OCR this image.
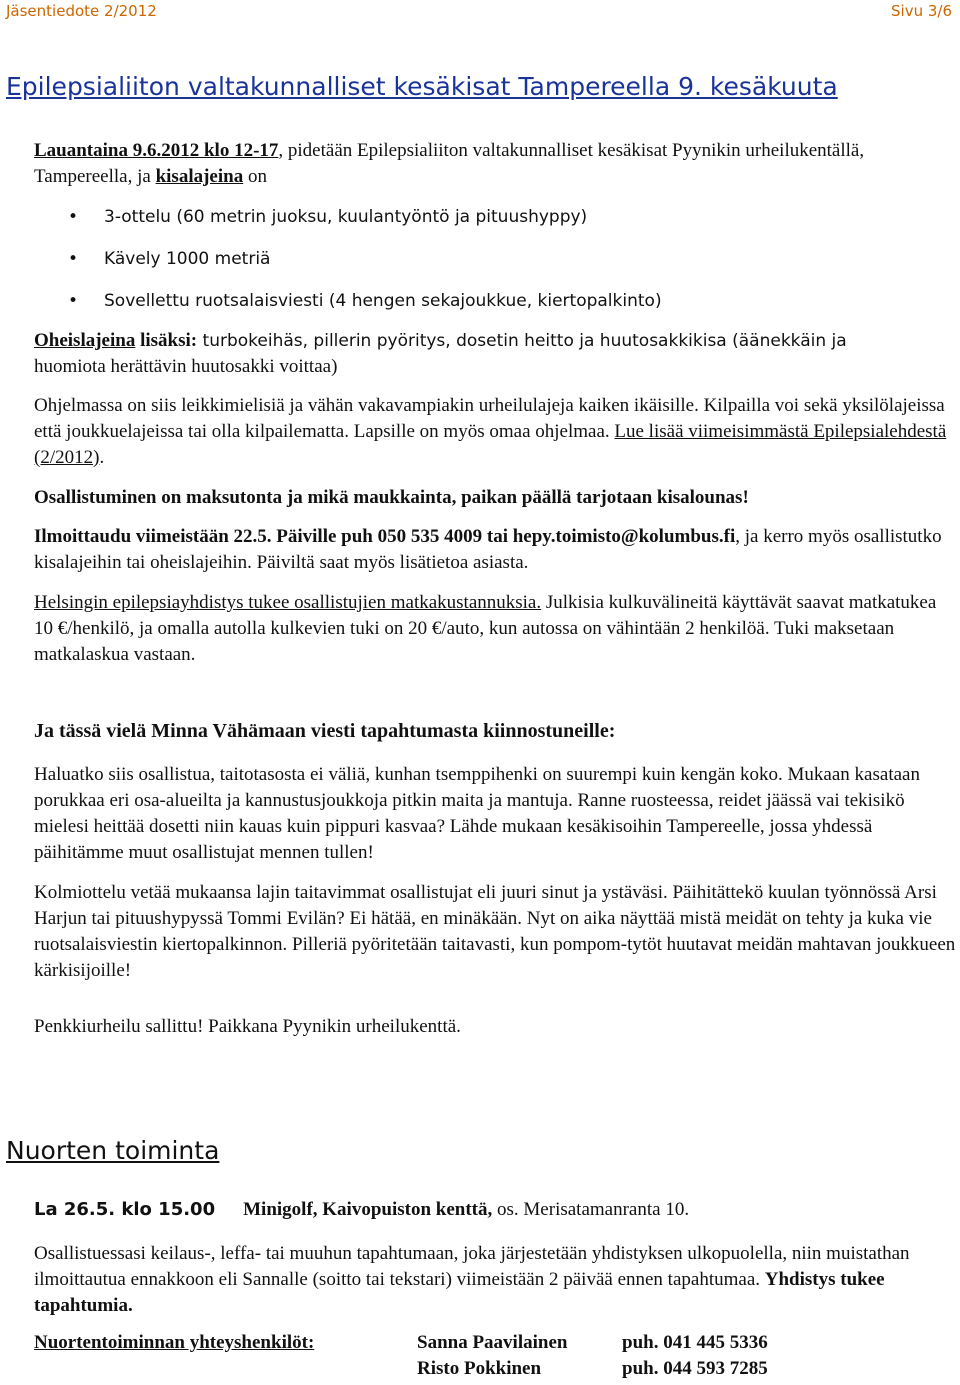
Jäsentiedote 2/2012	Sivu 3/6
Epilepsialiiton valtakunnalliset kesäkisat Tampereella 9. kesäkuuta
Lauantaina 9.6.2012 klo 12-17, pidetään Epilepsialiiton valtakunnalliset kesäkisat Pyynikin urheilukentällä, Tampereella, ja kisalajeina on
• 3-ottelu (60 metrin juoksu, kuulantyöntö ja pituushyppy)
• Kävely 1000 metriä
• Sovellettu ruotsalaisviesti (4 hengen sekajoukkue, kiertopalkinto)
Oheislajeina lisäksi: turbokeihäs, pillerin pyöritys, dosetin heitto ja huutosakkikisa (äänekkäin ja
huomiota herättävin huutosakki voittaa)
Ohjelmassa on siis leikkimielisiä ja vähän vakavampiakin urheilulajeja kaiken ikäisille. Kilpailla voi sekä yksilölajeissa että joukkuelajeissa tai olla kilpailematta. Lapsille on myös omaa ohjelmaa. Lue lisää viimeisimmästä Epilepsialehdestä (2/2012).
Osallistuminen on maksutonta ja mikä maukkainta, paikan päällä tarjotaan kisalounas!
Ilmoittaudu viimeistään 22.5. Päiville puh 050 535 4009 tai hepy.toimisto@kolumbus.fi, ja kerro myös osallistutko kisalajeihin tai oheislajeihin. Päiviltä saat myös lisätietoa asiasta.
Helsingin epilepsiayhdistys tukee osallistujien matkakustannuksia. Julkisia kulkuvälineitä käyttävät saavat matkatukea 10 €/henkilö, ja omalla autolla kulkevien tuki on 20 €/auto, kun autossa on vähintään 2 henkilöä. Tuki maksetaan matkalaskua vastaan.
Ja tässä vielä Minna Vähämaan viesti tapahtumasta kiinnostuneille:
Haluatko siis osallistua, taitotasosta ei väliä, kunhan tsemppihenki on suurempi kuin kengän koko. Mukaan kasataan porukkaa eri osa-alueilta ja kannustusjoukkoja pitkin maita ja mantuja. Ranne ruosteessa, reidet jäässä vai tekisikö mielesi heittää dosetti niin kauas kuin pippuri kasvaa? Lähde mukaan kesäkisoihin Tampereelle, jossa yhdessä päihitämme muut osallistujat mennen tullen!
Kolmiottelu vetää mukaansa lajin taitavimmat osallistujat eli juuri sinut ja ystäväsi. Päihitättekö kuulan työnnössä Arsi Harjun tai pituushypyssä Tommi Evilän? Ei hätää, en minäkään. Nyt on aika näyttää mistä meidät on tehty ja kuka vie ruotsalaisviestin kiertopalkinnon. Pilleriä pyöritetään taitavasti, kun pompom-tytöt huutavat meidän mahtavan joukkueen kärkisijoille!
Penkkiurheilu sallittu! Paikkana Pyynikin urheilukenttä.
Nuorten toiminta
La 26.5. klo 15.00 Minigolf, Kaivopuiston kenttä, os. Merisatamanranta 10.
Osallistuessasi keilaus-, leffa- tai muuhun tapahtumaan, joka järjestetään yhdistyksen ulkopuolella, niin muistathan ilmoittautua ennakkoon eli Sannalle (soitto tai tekstari) viimeistään 2 päivää ennen tapahtumaa. Yhdistys tukee tapahtumia.
Nuortentoiminnan yhteyshenkilöt:	Sanna Paavilainen	puh. 041 445 5336
Risto Pokkinen	puh. 044 593 7285
